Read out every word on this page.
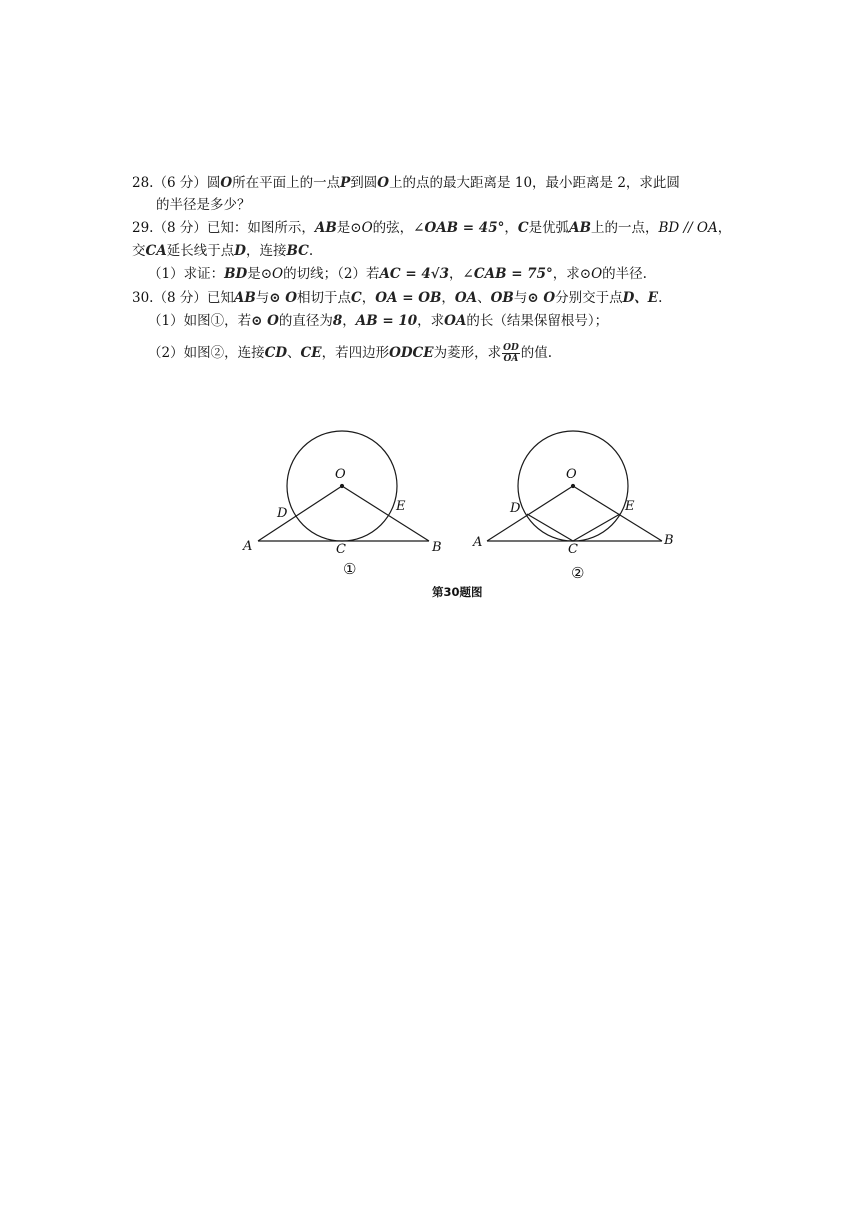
28.（6 分）圆O所在平面上的一点P到圆O上的点的最大距离是 10，最小距离是 2，求此圆
的半径是多少？
29.（8 分）已知：如图所示，AB是⊙O的弦，∠OAB = 45°，C是优弧AB上的一点，BD // OA，
交CA延长线于点D，连接BC.
（1）求证：BD是⊙O的切线；（2）若AC = 4√3，∠CAB = 75°，求⊙O的半径.
30.（8 分）已知AB与⊙ O相切于点C，OA = OB，OA、OB与⊙ O分别交于点D、E.
（1）如图①，若⊙ O的直径为8，AB = 10，求OA的长（结果保留根号）；
（2）如图②，连接CD、CE，若四边形ODCE为菱形，求 $\frac{OD}{OA}$ 的值.
O
D	E
A	C	B
①
O
D	E
A	C
B
②
第30题图
